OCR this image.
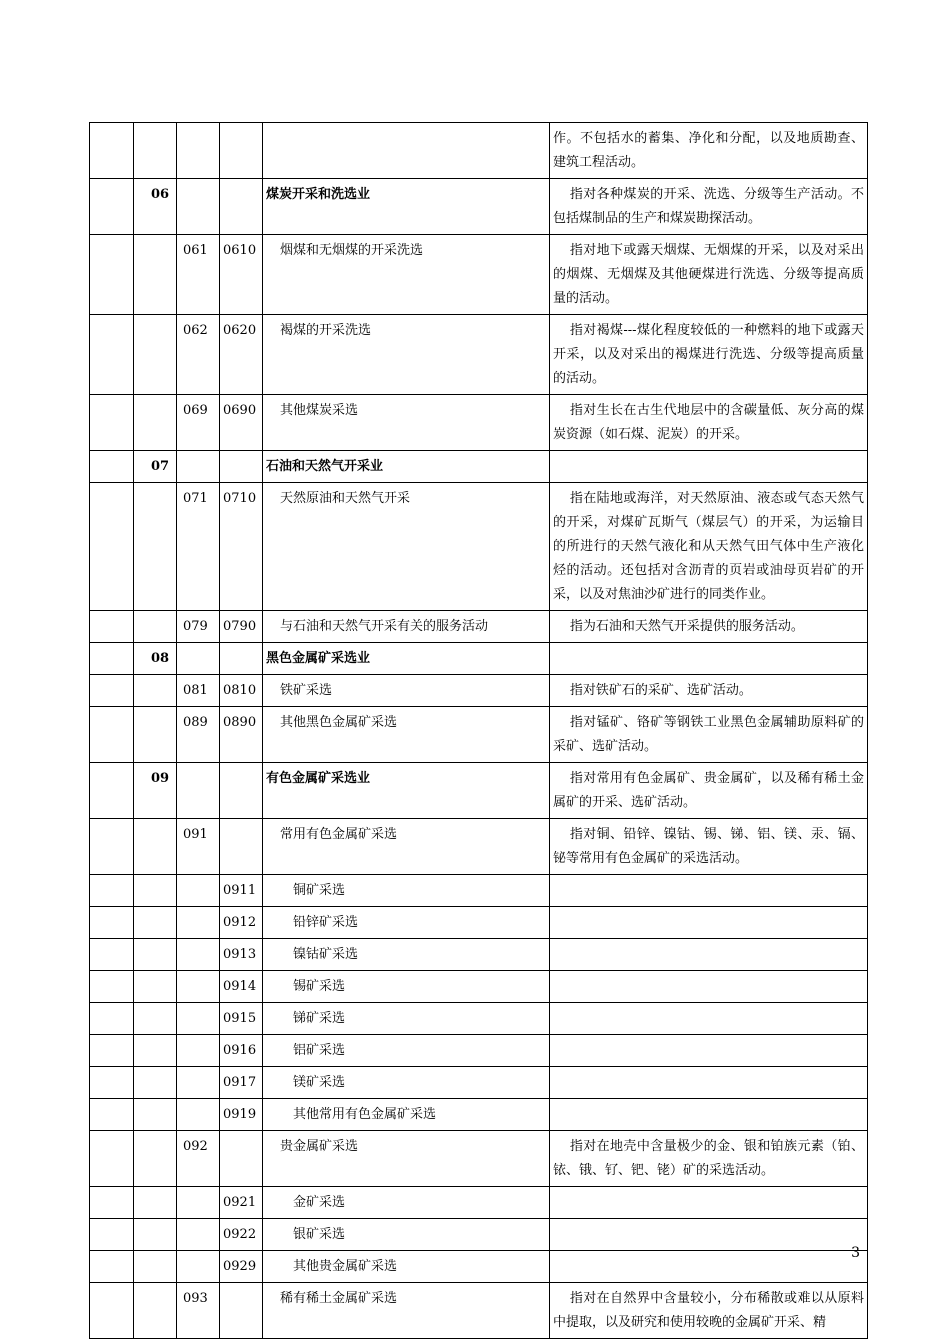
					作。不包括水的蓄集、净化和分配，以及地质勘查、建筑工程活动。
	06			煤炭开采和洗选业	指对各种煤炭的开采、洗选、分级等生产活动。不包括煤制品的生产和煤炭勘探活动。
		061	0610	烟煤和无烟煤的开采洗选	指对地下或露天烟煤、无烟煤的开采，以及对采出的烟煤、无烟煤及其他硬煤进行洗选、分级等提高质量的活动。
		062	0620	褐煤的开采洗选	指对褐煤---煤化程度较低的一种燃料的地下或露天开采，以及对采出的褐煤进行洗选、分级等提高质量的活动。
		069	0690	其他煤炭采选	指对生长在古生代地层中的含碳量低、灰分高的煤炭资源（如石煤、泥炭）的开采。
	07			石油和天然气开采业	
		071	0710	天然原油和天然气开采	指在陆地或海洋，对天然原油、液态或气态天然气的开采，对煤矿瓦斯气（煤层气）的开采，为运输目的所进行的天然气液化和从天然气田气体中生产液化烃的活动。还包括对含沥青的页岩或油母页岩矿的开采，以及对焦油沙矿进行的同类作业。
		079	0790	与石油和天然气开采有关的服务活动	指为石油和天然气开采提供的服务活动。
	08			黑色金属矿采选业	
		081	0810	铁矿采选	指对铁矿石的采矿、选矿活动。
		089	0890	其他黑色金属矿采选	指对锰矿、铬矿等钢铁工业黑色金属辅助原料矿的采矿、选矿活动。
	09			有色金属矿采选业	指对常用有色金属矿、贵金属矿，以及稀有稀土金属矿的开采、选矿活动。
		091		常用有色金属矿采选	指对铜、铅锌、镍钴、锡、锑、铝、镁、汞、镉、铋等常用有色金属矿的采选活动。
			0911	铜矿采选	
			0912	铅锌矿采选	
			0913	镍钴矿采选	
			0914	锡矿采选	
			0915	锑矿采选	
			0916	铝矿采选	
			0917	镁矿采选	
			0919	其他常用有色金属矿采选	
		092		贵金属矿采选	指对在地壳中含量极少的金、银和铂族元素（铂、铱、锇、钌、钯、铑）矿的采选活动。
			0921	金矿采选	
			0922	银矿采选	
			0929	其他贵金属矿采选	
		093		稀有稀土金属矿采选	指对在自然界中含量较小，分布稀散或难以从原料中提取，以及研究和使用较晚的金属矿开采、精
3
